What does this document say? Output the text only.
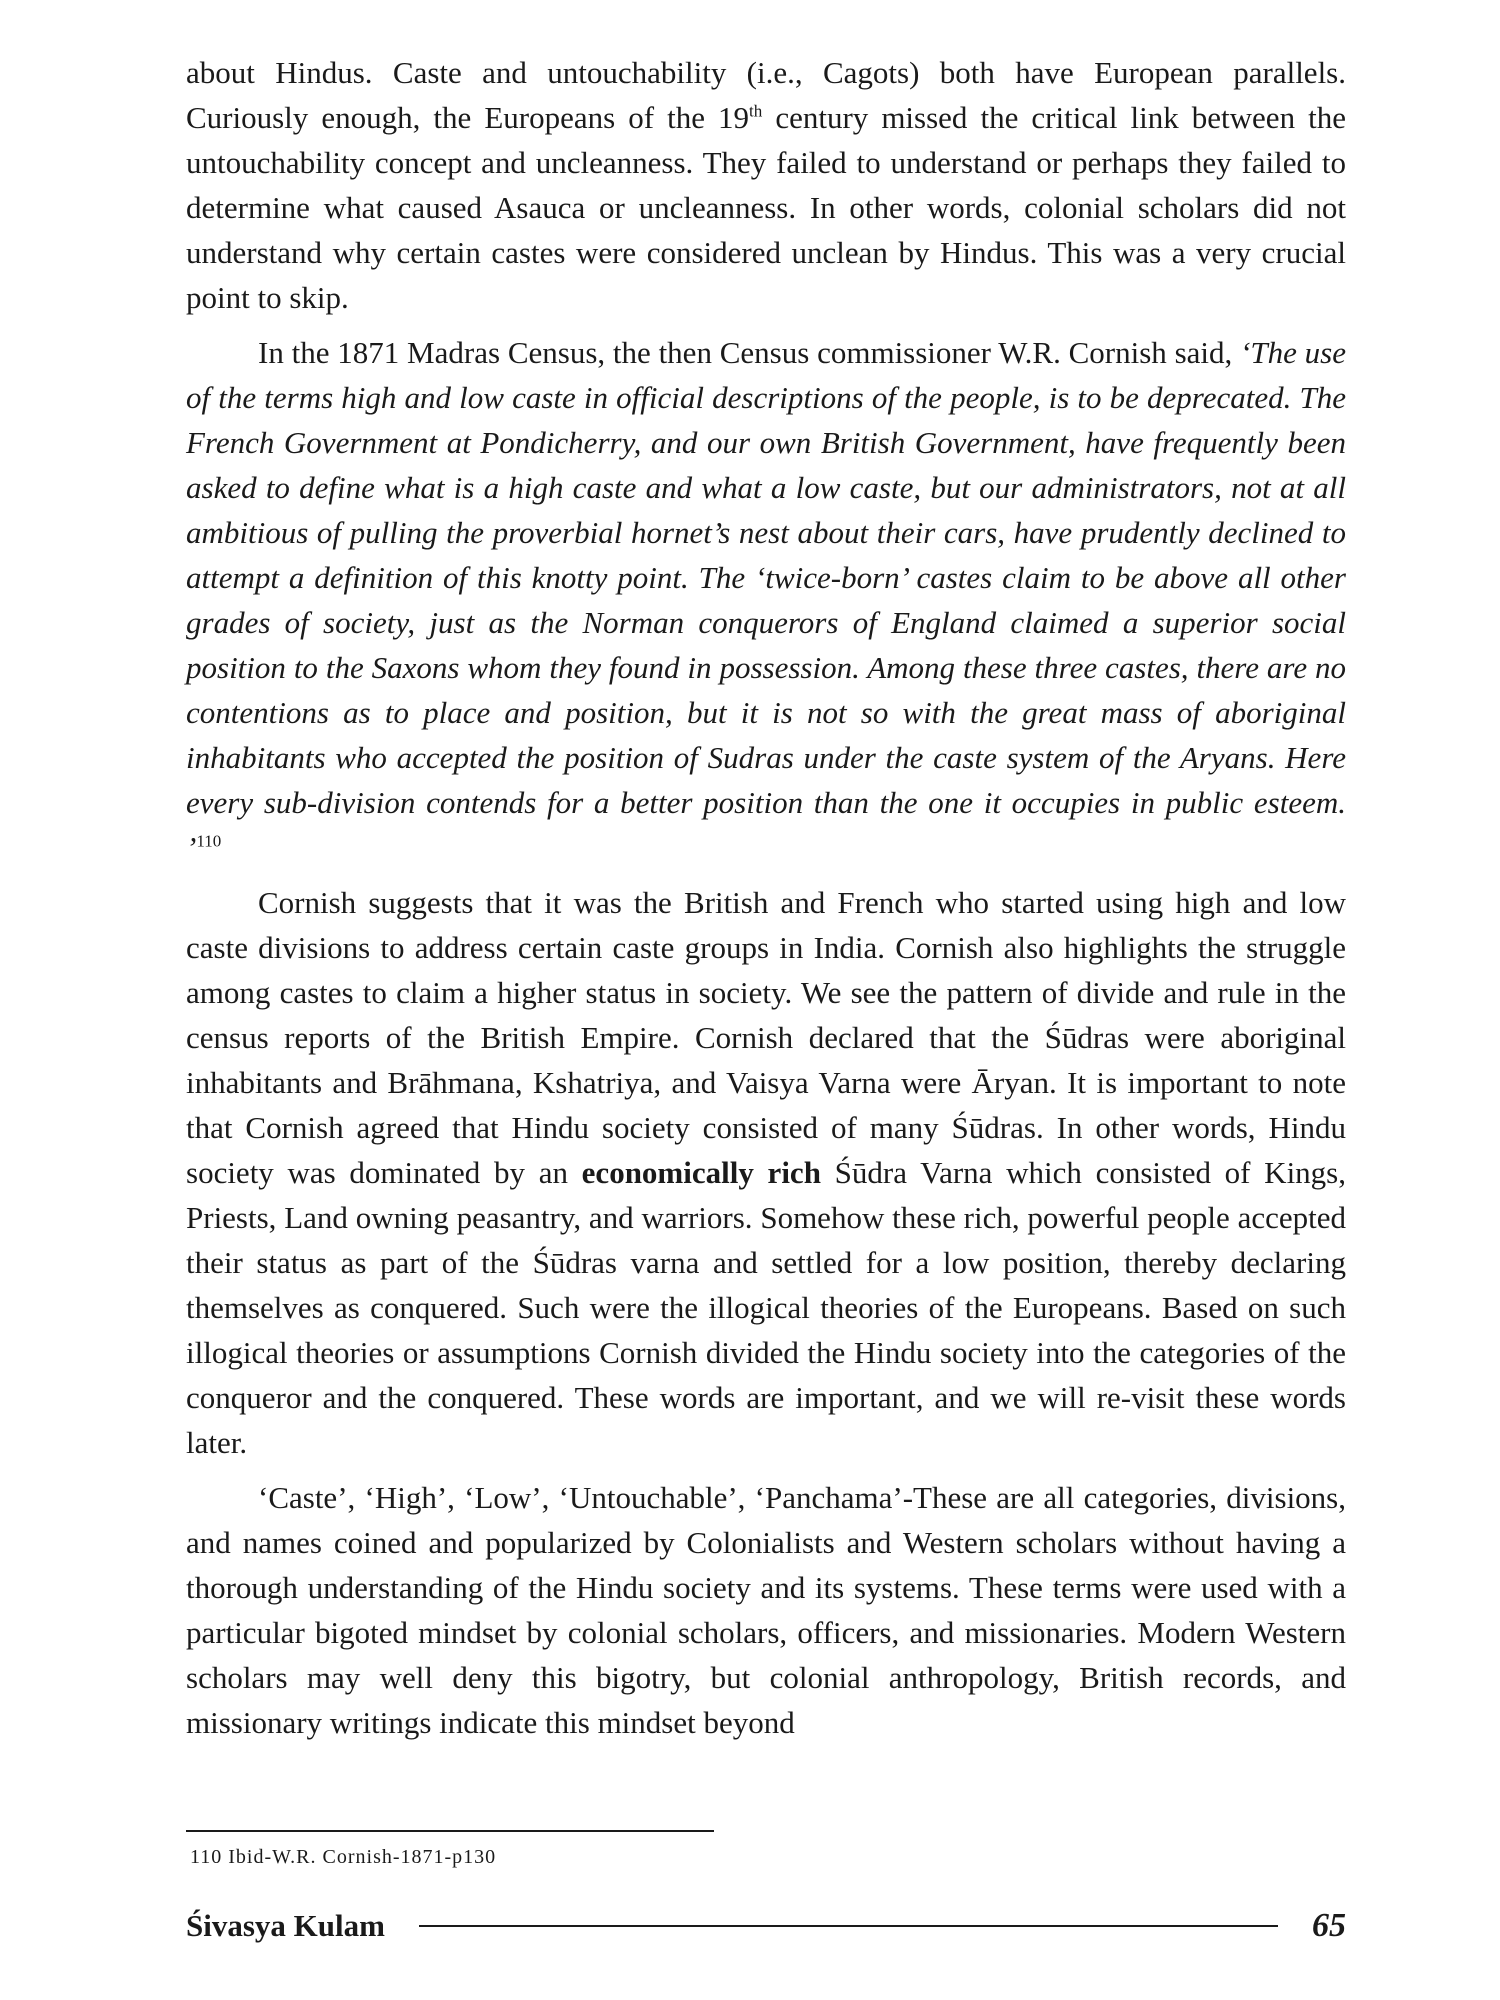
about Hindus. Caste and untouchability (i.e., Cagots) both have European parallels. Curiously enough, the Europeans of the 19th century missed the critical link between the untouchability concept and uncleanness. They failed to understand or perhaps they failed to determine what caused Asauca or uncleanness. In other words, colonial scholars did not understand why certain castes were considered unclean by Hindus. This was a very crucial point to skip.

In the 1871 Madras Census, the then Census commissioner W.R. Cornish said, ‘The use of the terms high and low caste in official descriptions of the people, is to be deprecated. The French Government at Pondicherry, and our own British Government, have frequently been asked to define what is a high caste and what a low caste, but our administrators, not at all ambitious of pulling the proverbial hornet’s nest about their cars, have prudently declined to attempt a definition of this knotty point. The ‘twice-born’ castes claim to be above all other grades of society, just as the Norman conquerors of England claimed a superior social position to the Saxons whom they found in possession. Among these three castes, there are no contentions as to place and position, but it is not so with the great mass of aboriginal inhabitants who accepted the position of Sudras under the caste system of the Aryans. Here every sub-division contends for a better position than the one it occupies in public esteem. ’$^{110}$

Cornish suggests that it was the British and French who started using high and low caste divisions to address certain caste groups in India. Cornish also highlights the struggle among castes to claim a higher status in society. We see the pattern of divide and rule in the census reports of the British Empire. Cornish declared that the Śūdras were aboriginal inhabitants and Brāhmana, Kshatriya, and Vaisya Varna were Āryan. It is important to note that Cornish agreed that Hindu society consisted of many Śūdras. In other words, Hindu society was dominated by an economically rich Śūdra Varna which consisted of Kings, Priests, Land owning peasantry, and warriors. Somehow these rich, powerful people accepted their status as part of the Śūdras varna and settled for a low position, thereby declaring themselves as conquered. Such were the illogical theories of the Europeans. Based on such illogical theories or assumptions Cornish divided the Hindu society into the categories of the conqueror and the conquered. These words are important, and we will re-visit these words later.

‘Caste’, ‘High’, ‘Low’, ‘Untouchable’, ‘Panchama’-These are all categories, divisions, and names coined and popularized by Colonialists and Western scholars without having a thorough understanding of the Hindu society and its systems. These terms were used with a particular bigoted mindset by colonial scholars, officers, and missionaries. Modern Western scholars may well deny this bigotry, but colonial anthropology, British records, and missionary writings indicate this mindset beyond

110 Ibid-W.R. Cornish-1871-p130
Śivasya Kulam	65
